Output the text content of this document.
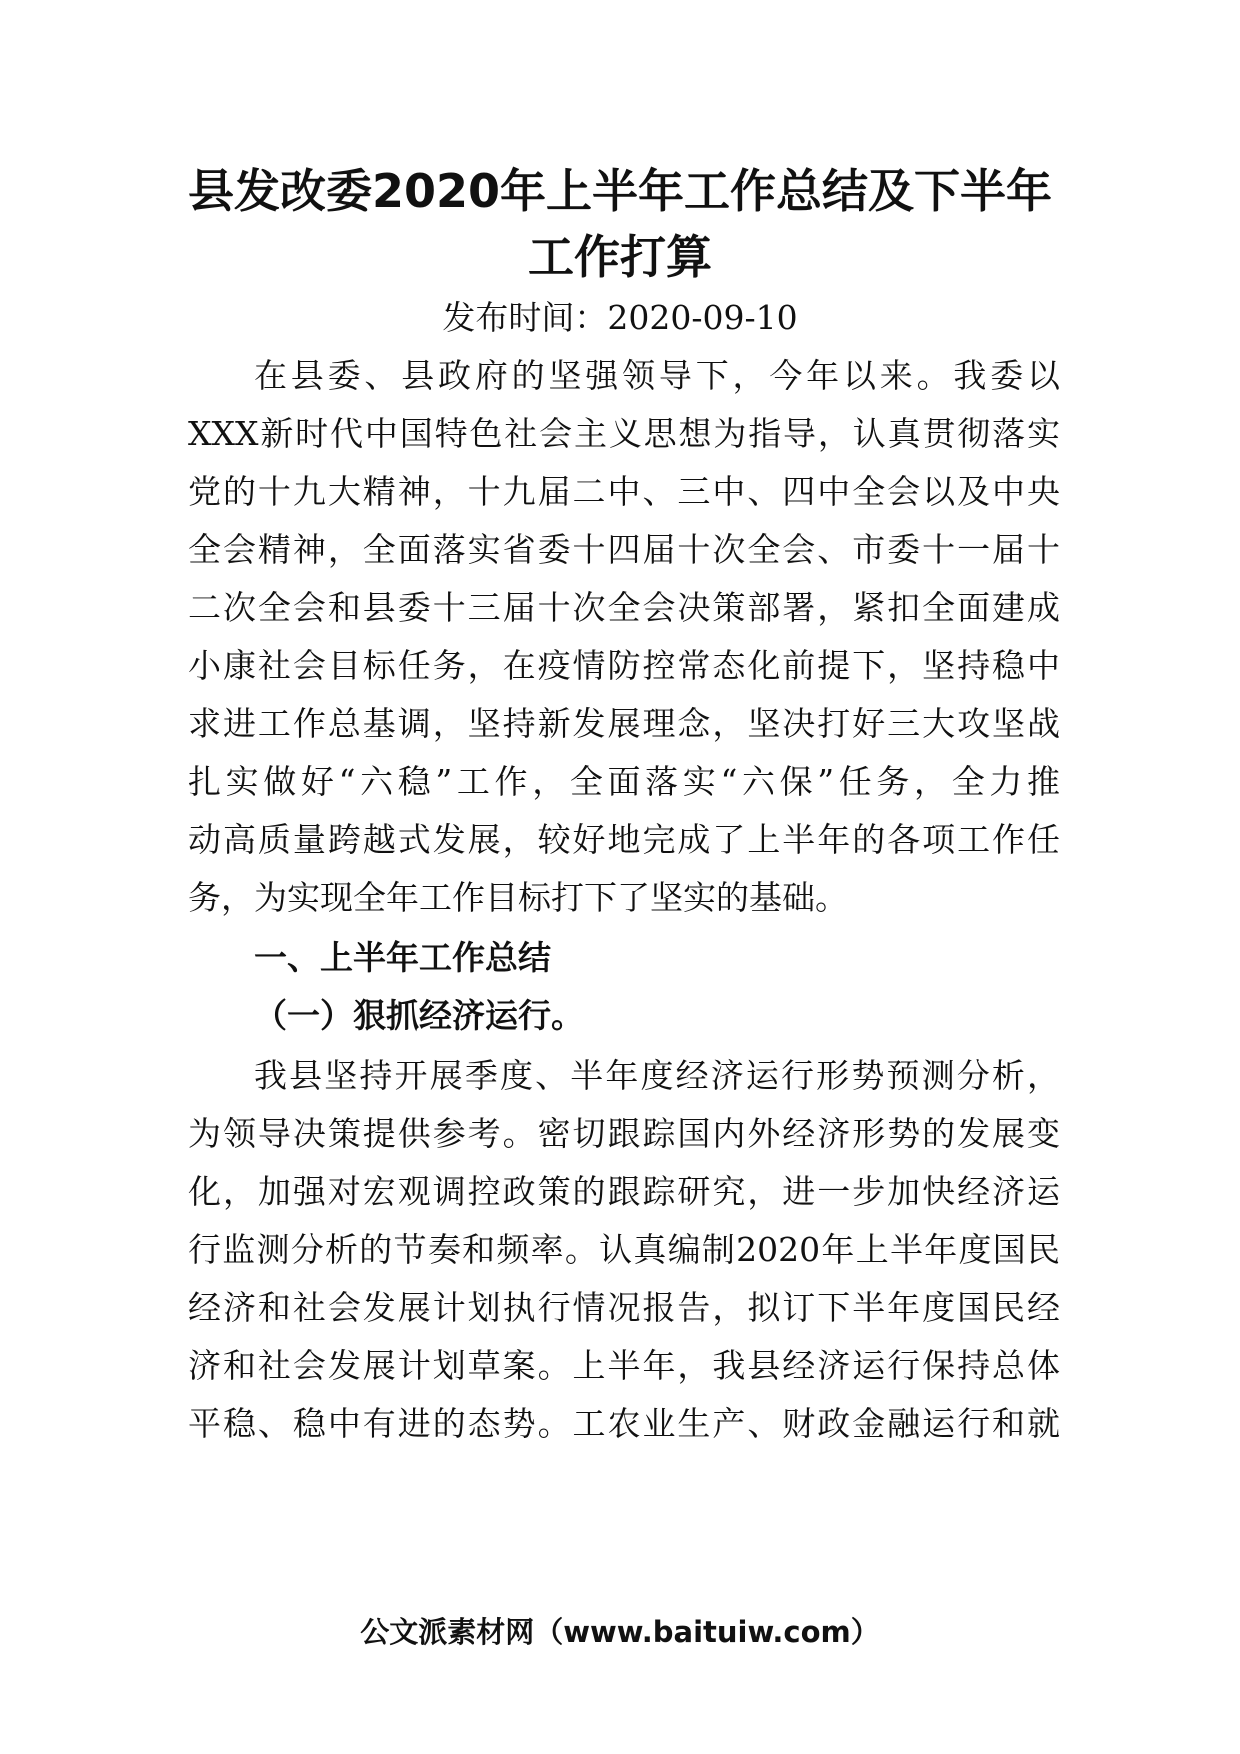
县发改委2020年上半年工作总结及下半年
工作打算
发布时间：2020-09-10

在县委、县政府的坚强领导下，今年以来。我委以

XXX新时代中国特色社会主义思想为指导，认真贯彻落实

党的十九大精神，十九届二中、三中、四中全会以及中央

全会精神，全面落实省委十四届十次全会、市委十一届十

二次全会和县委十三届十次全会决策部署，紧扣全面建成

小康社会目标任务，在疫情防控常态化前提下，坚持稳中

求进工作总基调，坚持新发展理念，坚决打好三大攻坚战

扎实做好“六稳”工作，全面落实“六保”任务，全力推

动高质量跨越式发展，较好地完成了上半年的各项工作任

务，为实现全年工作目标打下了坚实的基础。

一、上半年工作总结
（一）狠抓经济运行。

我县坚持开展季度、半年度经济运行形势预测分析，

为领导决策提供参考。密切跟踪国内外经济形势的发展变

化，加强对宏观调控政策的跟踪研究，进一步加快经济运

行监测分析的节奏和频率。认真编制2020年上半年度国民

经济和社会发展计划执行情况报告，拟订下半年度国民经

济和社会发展计划草案。上半年，我县经济运行保持总体

平稳、稳中有进的态势。工农业生产、财政金融运行和就

公文派素材网（www.baituiw.com）
